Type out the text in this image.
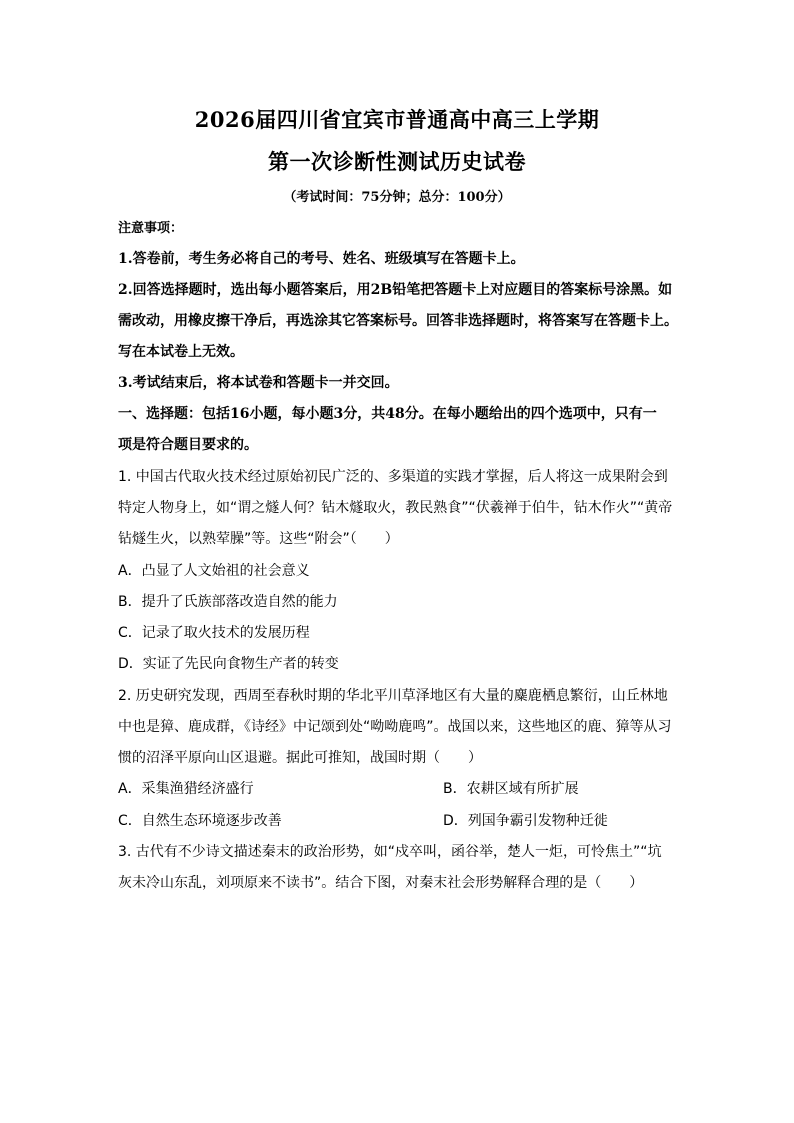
2026届四川省宜宾市普通高中高三上学期
第一次诊断性测试历史试卷
（考试时间：75分钟；总分：100分）
注意事项：
1.答卷前，考生务必将自己的考号、姓名、班级填写在答题卡上。
2.回答选择题时，选出每小题答案后，用2B铅笔把答题卡上对应题目的答案标号涂黑。如
需改动，用橡皮擦干净后，再选涂其它答案标号。回答非选择题时，将答案写在答题卡上。
写在本试卷上无效。
3.考试结束后，将本试卷和答题卡一并交回。
一、选择题：包括16小题，每小题3分，共48分。在每小题给出的四个选项中，只有一
项是符合题目要求的。
1. 中国古代取火技术经过原始初民广泛的、多渠道的实践才掌握，后人将这一成果附会到
特定人物身上，如“谓之燧人何？钻木燧取火，教民熟食”“伏羲禅于伯牛，钻木作火”“黄帝
钻燧生火，以熟荤臊”等。这些“附会”（　　）
A．凸显了人文始祖的社会意义
B．提升了氏族部落改造自然的能力
C．记录了取火技术的发展历程
D．实证了先民向食物生产者的转变
2. 历史研究发现，西周至春秋时期的华北平川草泽地区有大量的麋鹿栖息繁衍，山丘林地
中也是獐、鹿成群，《诗经》中记颂到处“呦呦鹿鸣”。战国以来，这些地区的鹿、獐等从习
惯的沼泽平原向山区退避。据此可推知，战国时期（　　）
A．采集渔猎经济盛行	B．农耕区域有所扩展
C．自然生态环境逐步改善	D．列国争霸引发物种迁徙
3. 古代有不少诗文描述秦末的政治形势，如“戍卒叫，函谷举，楚人一炬，可怜焦土”“坑
灰未冷山东乱，刘项原来不读书”。结合下图，对秦末社会形势解释合理的是（　　）
